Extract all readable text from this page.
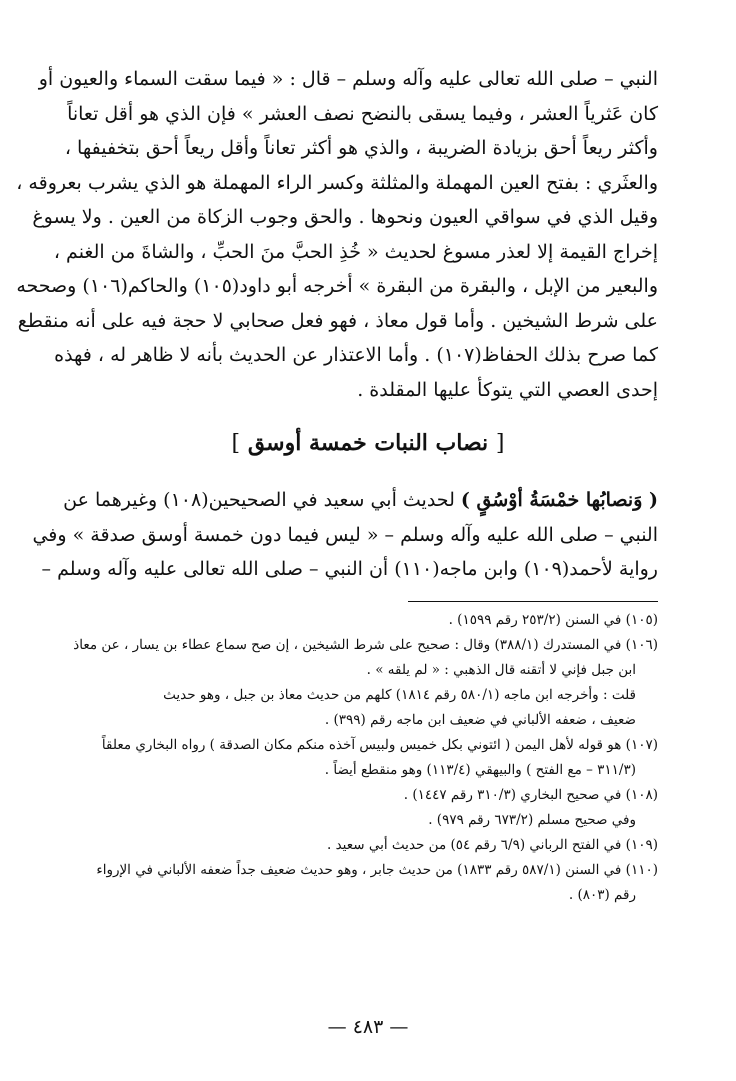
النبي – صلى الله تعالى عليه وآله وسلم – قال : « فيما سقت السماء والعيون أو
كان عَثرياً العشر ، وفيما يسقى بالنضح نصف العشر » فإن الذي هو أقل تعاناً
وأكثر ريعاً أحق بزيادة الضريبة ، والذي هو أكثر تعاناً وأقل ريعاً أحق بتخفيفها ،
والعثَري : بفتح العين المهملة والمثلثة وكسر الراء المهملة هو الذي يشرب بعروقه ،
وقيل الذي في سواقي العيون ونحوها . والحق وجوب الزكاة من العين . ولا يسوغ
إخراج القيمة إلا لعذر مسوغ لحديث « خُذِ الحبَّ منَ الحبِّ ، والشاةَ من الغنم ،
والبعير من الإبل ، والبقرة من البقرة » أخرجه أبو داود(١٠٥) والحاكم(١٠٦) وصححه
على شرط الشيخين . وأما قول معاذ ، فهو فعل صحابي لا حجة فيه على أنه منقطع
كما صرح بذلك الحفاظ(١٠٧) . وأما الاعتذار عن الحديث بأنه لا ظاهر له ، فهذه
إحدى العصي التي يتوكأ عليها المقلدة .
[ نصاب النبات خمسة أوسق ]
( وَنصابُها خمْسَةُ أوْسُقٍ ) لحديث أبي سعيد في الصحيحين(١٠٨) وغيرهما عن
النبي – صلى الله عليه وآله وسلم – « ليس فيما دون خمسة أوسق صدقة » وفي
رواية لأحمد(١٠٩) وابن ماجه(١١٠) أن النبي – صلى الله تعالى عليه وآله وسلم –
(١٠٥) في السنن (٢٥٣/٢ رقم ١٥٩٩) .
(١٠٦) في المستدرك (٣٨٨/١) وقال : صحيح على شرط الشيخين ، إن صح سماع عطاء بن يسار ، عن معاذ
ابن جبل فإني لا أتقنه قال الذهبي : « لم يلقه » .
قلت : وأخرجه ابن ماجه (٥٨٠/١ رقم ١٨١٤) كلهم من حديث معاذ بن جبل ، وهو حديث
ضعيف ، ضعفه الألباني في ضعيف ابن ماجه رقم (٣٩٩) .
(١٠٧) هو قوله لأهل اليمن ( ائتوني بكل خميس ولبيس آخذه منكم مكان الصدقة ) رواه البخاري معلقاً
(٣١١/٣ – مع الفتح ) والبيهقي (١١٣/٤) وهو منقطع أيضاً .
(١٠٨) في صحيح البخاري (٣١٠/٣ رقم ١٤٤٧) .
وفي صحيح مسلم (٦٧٣/٢ رقم ٩٧٩) .
(١٠٩) في الفتح الرباني (٦/٩ رقم ٥٤) من حديث أبي سعيد .
(١١٠) في السنن (٥٨٧/١ رقم ١٨٣٣) من حديث جابر ، وهو حديث ضعيف جداً ضعفه الألباني في الإرواء
رقم (٨٠٣) .
— ٤٨٣ —
